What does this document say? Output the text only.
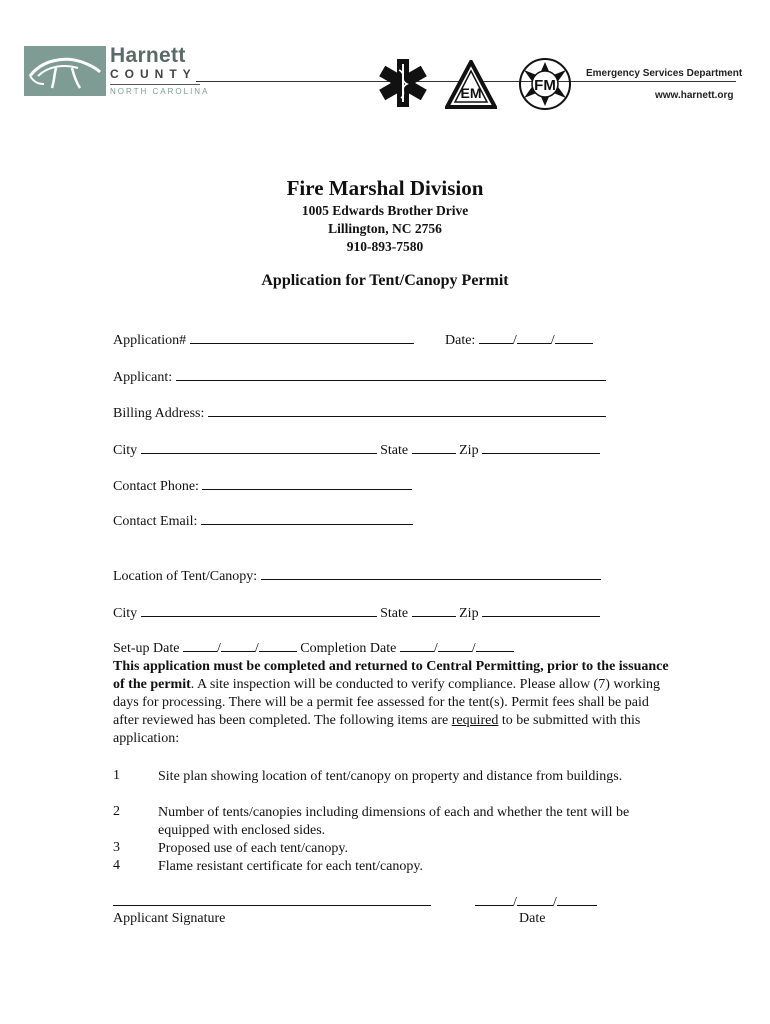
Harnett
COUNTY
NORTH CAROLINA	EM	FM
Emergency Services Department
www.harnett.org
Fire Marshal Division
1005 Edwards Brother Drive
Lillington, NC 2756
910-893-7580
Application for Tent/Canopy Permit
Application#	Date:	/ /
Applicant:
Billing Address:
City	State	Zip
Contact Phone:
Contact Email:
Location of Tent/Canopy:
City	State	Zip
Set-up Date	/ /	Completion Date	/ /
This application must be completed and returned to Central Permitting, prior to the issuance of the permit. A site inspection will be conducted to verify compliance. Please allow (7) working days for processing. There will be a permit fee assessed for the tent(s). Permit fees shall be paid after reviewed has been completed. The following items are required to be submitted with this application:
1	Site plan showing location of tent/canopy on property and distance from buildings.
2	Number of tents/canopies including dimensions of each and whether the tent will be equipped with enclosed sides.
3	Proposed use of each tent/canopy.
4	Flame resistant certificate for each tent/canopy.
Applicant Signature
/	/
Date
